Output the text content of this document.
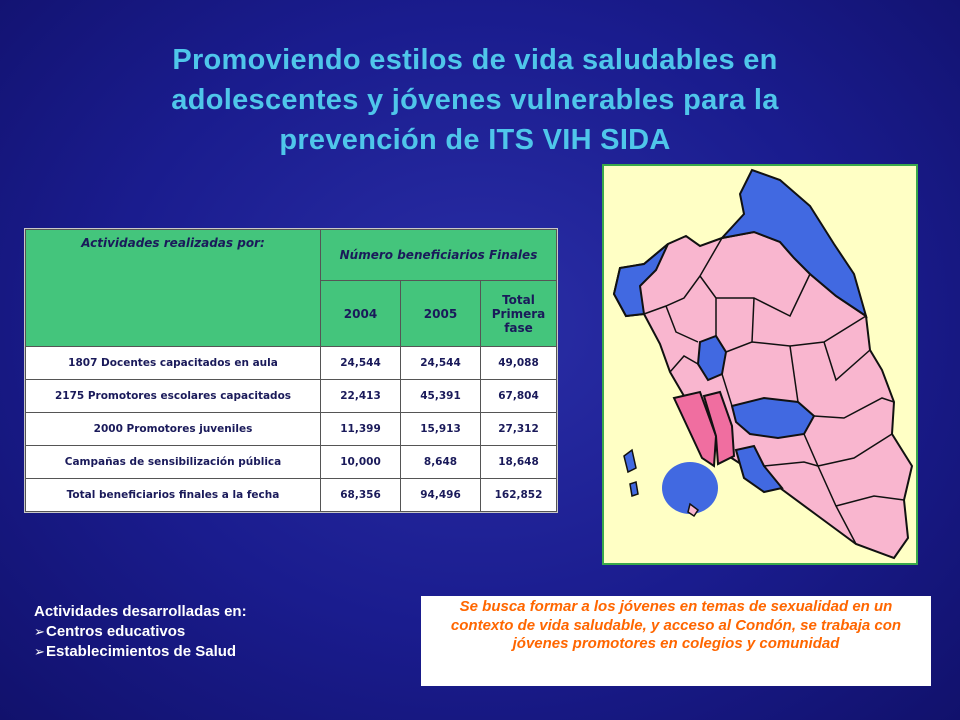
Promoviendo estilos de vida saludables en
adolescentes y jóvenes vulnerables para la
prevención de ITS VIH SIDA
Actividades realizadas por:	Número beneficiarios Finales		
	2004	2005	Total Primera fase
1807 Docentes capacitados en aula	24,544	24,544	49,088
2175 Promotores escolares capacitados	22,413	45,391	67,804
2000 Promotores juveniles	11,399	15,913	27,312
Campañas de sensibilización pública	10,000	8,648	18,648
Total beneficiarios finales a la fecha	68,356	94,496	162,852
Actividades desarrolladas en:
➢Centros educativos
➢Establecimientos de Salud
Se busca formar a los jóvenes en temas de sexualidad en un contexto de vida saludable, y acceso al Condón, se trabaja con jóvenes promotores en colegios y comunidad
